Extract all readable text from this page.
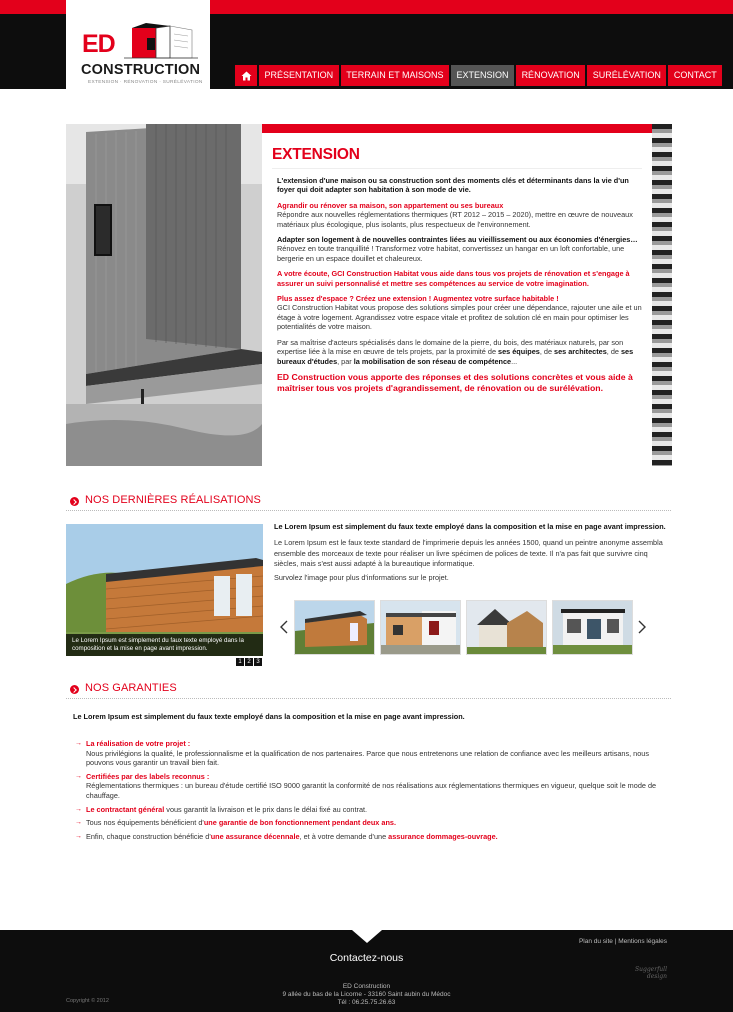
ED
CONSTRUCTION
EXTENSION · RÉNOVATION · SURÉLÉVATION
PRÉSENTATION	TERRAIN ET MAISONS	EXTENSION	RÉNOVATION	SURÉLÉVATION	CONTACT
EXTENSION

L'extension d'une maison ou sa construction sont des moments clés et déterminants dans la vie d'un foyer qui doit adapter son habitation à son mode de vie.

Agrandir ou rénover sa maison, son appartement ou ses bureaux
Répondre aux nouvelles réglementations thermiques (RT 2012 – 2015 – 2020), mettre en œuvre de nouveaux matériaux plus écologique, plus isolants, plus respectueux de l'environnement.

Adapter son logement à de nouvelles contraintes liées au vieillissement ou aux économies d'énergies…
Rénovez en toute tranquillité ! Transformez votre habitat, convertissez un hangar en un loft confortable, une bergerie en un espace douillet et chaleureux.

A votre écoute, GCI Construction Habitat vous aide dans tous vos projets de rénovation et s'engage à assurer un suivi personnalisé et mettre ses compétences au service de votre imagination.

Plus assez d'espace ? Créez une extension ! Augmentez votre surface habitable !
GCI Construction Habitat vous propose des solutions simples pour créer une dépendance, rajouter une aile et un étage à votre logement. Agrandissez votre espace vitale et profitez de solution clé en main pour optimiser les potentialités de votre maison.

Par sa maîtrise d'acteurs spécialisés dans le domaine de la pierre, du bois, des matériaux naturels, par son expertise liée à la mise en œuvre de tels projets, par la proximité de ses équipes, de ses architectes, de ses bureaux d'études, par la mobilisation de son réseau de compétence...

ED Construction vous apporte des réponses et des solutions concrètes et vous aide à maîtriser tous vos projets d'agrandissement, de rénovation ou de surélévation.

NOS DERNIÈRES RÉALISATIONS
Le Lorem Ipsum est simplement du faux texte employé dans la composition et la mise en page avant impression.
1 2 3

Le Lorem Ipsum est simplement du faux texte employé dans la composition et la mise en page avant impression.

Le Lorem Ipsum est le faux texte standard de l'imprimerie depuis les années 1500, quand un peintre anonyme assembla ensemble des morceaux de texte pour réaliser un livre spécimen de polices de texte. Il n'a pas fait que survivre cinq siècles, mais s'est aussi adapté à la bureautique informatique.

Survolez l'image pour plus d'informations sur le projet.

NOS GARANTIES

Le Lorem Ipsum est simplement du faux texte employé dans la composition et la mise en page avant impression.

→ La réalisation de votre projet :
Nous privilégions la qualité, le professionnalisme et la qualification de nos partenaires. Parce que nous entretenons une relation de confiance avec les meilleurs artisans, nous pouvons vous garantir un travail bien fait.
→ Certifiées par des labels reconnus :
Réglementations thermiques : un bureau d'étude certifié ISO 9000 garantit la conformité de nos réalisations aux réglementations thermiques en vigueur, quelque soit le mode de chauffage.
→ Le contractant général vous garantit la livraison et le prix dans le délai fixé au contrat.
→ Tous nos équipements bénéficient d'une garantie de bon fonctionnement pendant deux ans.
→ Enfin, chaque construction bénéficie d'une assurance décennale, et à votre demande d'une assurance dommages-ouvrage.
Plan du site | Mentions légales
Contactez-nous
ED Construction
9 allée du bas de la Licorne - 33160 Saint aubin du Médoc
Tél : 06.25.75.26.63
Copyright © 2012
Suggerfull
design
